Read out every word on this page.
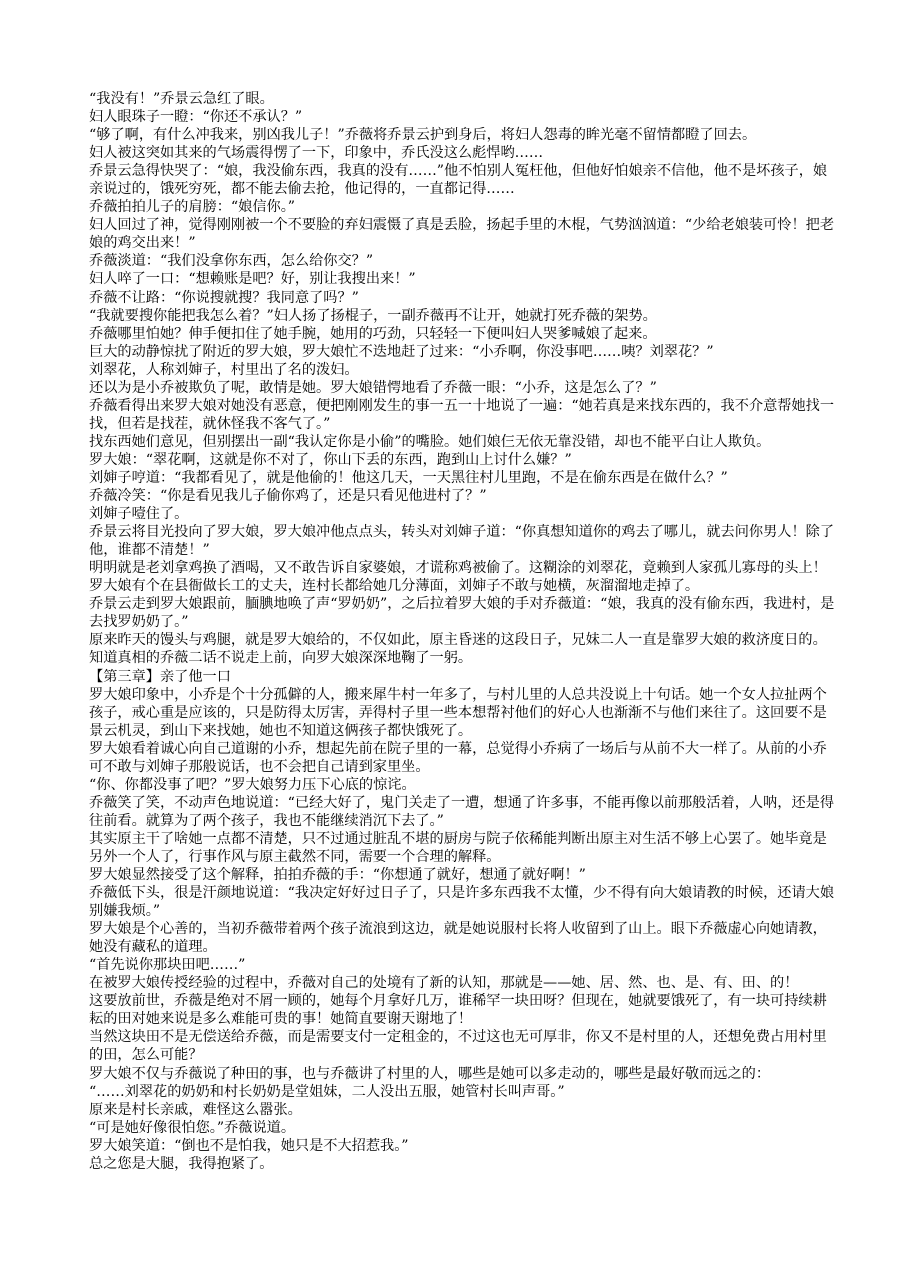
“我没有！”乔景云急红了眼。

妇人眼珠子一瞪：“你还不承认？”

“够了啊，有什么冲我来，别凶我儿子！”乔薇将乔景云护到身后，将妇人怨毒的眸光毫不留情都瞪了回去。

妇人被这突如其来的气场震得愣了一下，印象中，乔氏没这么彪悍哟……

乔景云急得快哭了：“娘，我没偷东西，我真的没有……”他不怕别人冤枉他，但他好怕娘亲不信他，他不是坏孩子，娘亲说过的，饿死穷死，都不能去偷去抢，他记得的，一直都记得……

乔薇拍拍儿子的肩膀：“娘信你。”

妇人回过了神，觉得刚刚被一个不要脸的弃妇震慑了真是丢脸，扬起手里的木棍，气势汹汹道：“少给老娘装可怜！把老娘的鸡交出来！”

乔薇淡道：“我们没拿你东西，怎么给你交？”

妇人啐了一口：“想赖账是吧？好，别让我搜出来！”

乔薇不让路：“你说搜就搜？我同意了吗？”

“我就要搜你能把我怎么着？”妇人扬了扬棍子，一副乔薇再不让开，她就打死乔薇的架势。

乔薇哪里怕她？伸手便扣住了她手腕，她用的巧劲，只轻轻一下便叫妇人哭爹喊娘了起来。

巨大的动静惊扰了附近的罗大娘，罗大娘忙不迭地赶了过来：“小乔啊，你没事吧……咦？刘翠花？”

刘翠花，人称刘婶子，村里出了名的泼妇。

还以为是小乔被欺负了呢，敢情是她。罗大娘错愕地看了乔薇一眼：“小乔，这是怎么了？”

乔薇看得出来罗大娘对她没有恶意，便把刚刚发生的事一五一十地说了一遍：“她若真是来找东西的，我不介意帮她找一找，但若是找茬，就休怪我不客气了。”

找东西她们意见，但别摆出一副“我认定你是小偷”的嘴脸。她们娘仨无依无靠没错，却也不能平白让人欺负。

罗大娘：“翠花啊，这就是你不对了，你山下丢的东西，跑到山上讨什么嫌？”

刘婶子哼道：“我都看见了，就是他偷的！他这几天，一天黑往村儿里跑，不是在偷东西是在做什么？”

乔薇冷笑：“你是看见我儿子偷你鸡了，还是只看见他进村了？”

刘婶子噎住了。

乔景云将目光投向了罗大娘，罗大娘冲他点点头，转头对刘婶子道：“你真想知道你的鸡去了哪儿，就去问你男人！除了他，谁都不清楚！”

明明就是老刘拿鸡换了酒喝，又不敢告诉自家婆娘，才谎称鸡被偷了。这糊涂的刘翠花，竟赖到人家孤儿寡母的头上！

罗大娘有个在县衙做长工的丈夫，连村长都给她几分薄面，刘婶子不敢与她横，灰溜溜地走掉了。

乔景云走到罗大娘跟前，腼腆地唤了声“罗奶奶”，之后拉着罗大娘的手对乔薇道：“娘，我真的没有偷东西，我进村，是去找罗奶奶了。”

原来昨天的馒头与鸡腿，就是罗大娘给的，不仅如此，原主昏迷的这段日子，兄妹二人一直是靠罗大娘的救济度日的。

知道真相的乔薇二话不说走上前，向罗大娘深深地鞠了一躬。

【第三章】亲了他一口

罗大娘印象中，小乔是个十分孤僻的人，搬来犀牛村一年多了，与村儿里的人总共没说上十句话。她一个女人拉扯两个孩子，戒心重是应该的，只是防得太厉害，弄得村子里一些本想帮衬他们的好心人也渐渐不与他们来往了。这回要不是景云机灵，到山下来找她，她也不知道这俩孩子都快饿死了。

罗大娘看着诚心向自己道谢的小乔，想起先前在院子里的一幕，总觉得小乔病了一场后与从前不大一样了。从前的小乔可不敢与刘婶子那般说话，也不会把自己请到家里坐。

“你、你都没事了吧？”罗大娘努力压下心底的惊诧。

乔薇笑了笑，不动声色地说道：“已经大好了，鬼门关走了一遭，想通了许多事，不能再像以前那般活着，人呐，还是得往前看。就算为了两个孩子，我也不能继续消沉下去了。”

其实原主干了啥她一点都不清楚，只不过通过脏乱不堪的厨房与院子依稀能判断出原主对生活不够上心罢了。她毕竟是另外一个人了，行事作风与原主截然不同，需要一个合理的解释。

罗大娘显然接受了这个解释，拍拍乔薇的手：“你想通了就好，想通了就好啊！”

乔薇低下头，很是汗颜地说道：“我决定好好过日子了，只是许多东西我不太懂，少不得有向大娘请教的时候，还请大娘别嫌我烦。”

罗大娘是个心善的，当初乔薇带着两个孩子流浪到这边，就是她说服村长将人收留到了山上。眼下乔薇虚心向她请教，她没有藏私的道理。

“首先说你那块田吧……”

在被罗大娘传授经验的过程中，乔薇对自己的处境有了新的认知，那就是——她、居、然、也、是、有、田、的！

这要放前世，乔薇是绝对不屑一顾的，她每个月拿好几万，谁稀罕一块田呀？但现在，她就要饿死了，有一块可持续耕耘的田对她来说是多么难能可贵的事！她简直要谢天谢地了！

当然这块田不是无偿送给乔薇，而是需要支付一定租金的，不过这也无可厚非，你又不是村里的人，还想免费占用村里的田，怎么可能？

罗大娘不仅与乔薇说了种田的事，也与乔薇讲了村里的人，哪些是她可以多走动的，哪些是最好敬而远之的：

“……刘翠花的奶奶和村长奶奶是堂姐妹，二人没出五服，她管村长叫声哥。”

原来是村长亲戚，难怪这么嚣张。

“可是她好像很怕您。”乔薇说道。

罗大娘笑道：“倒也不是怕我，她只是不大招惹我。”

总之您是大腿，我得抱紧了。
